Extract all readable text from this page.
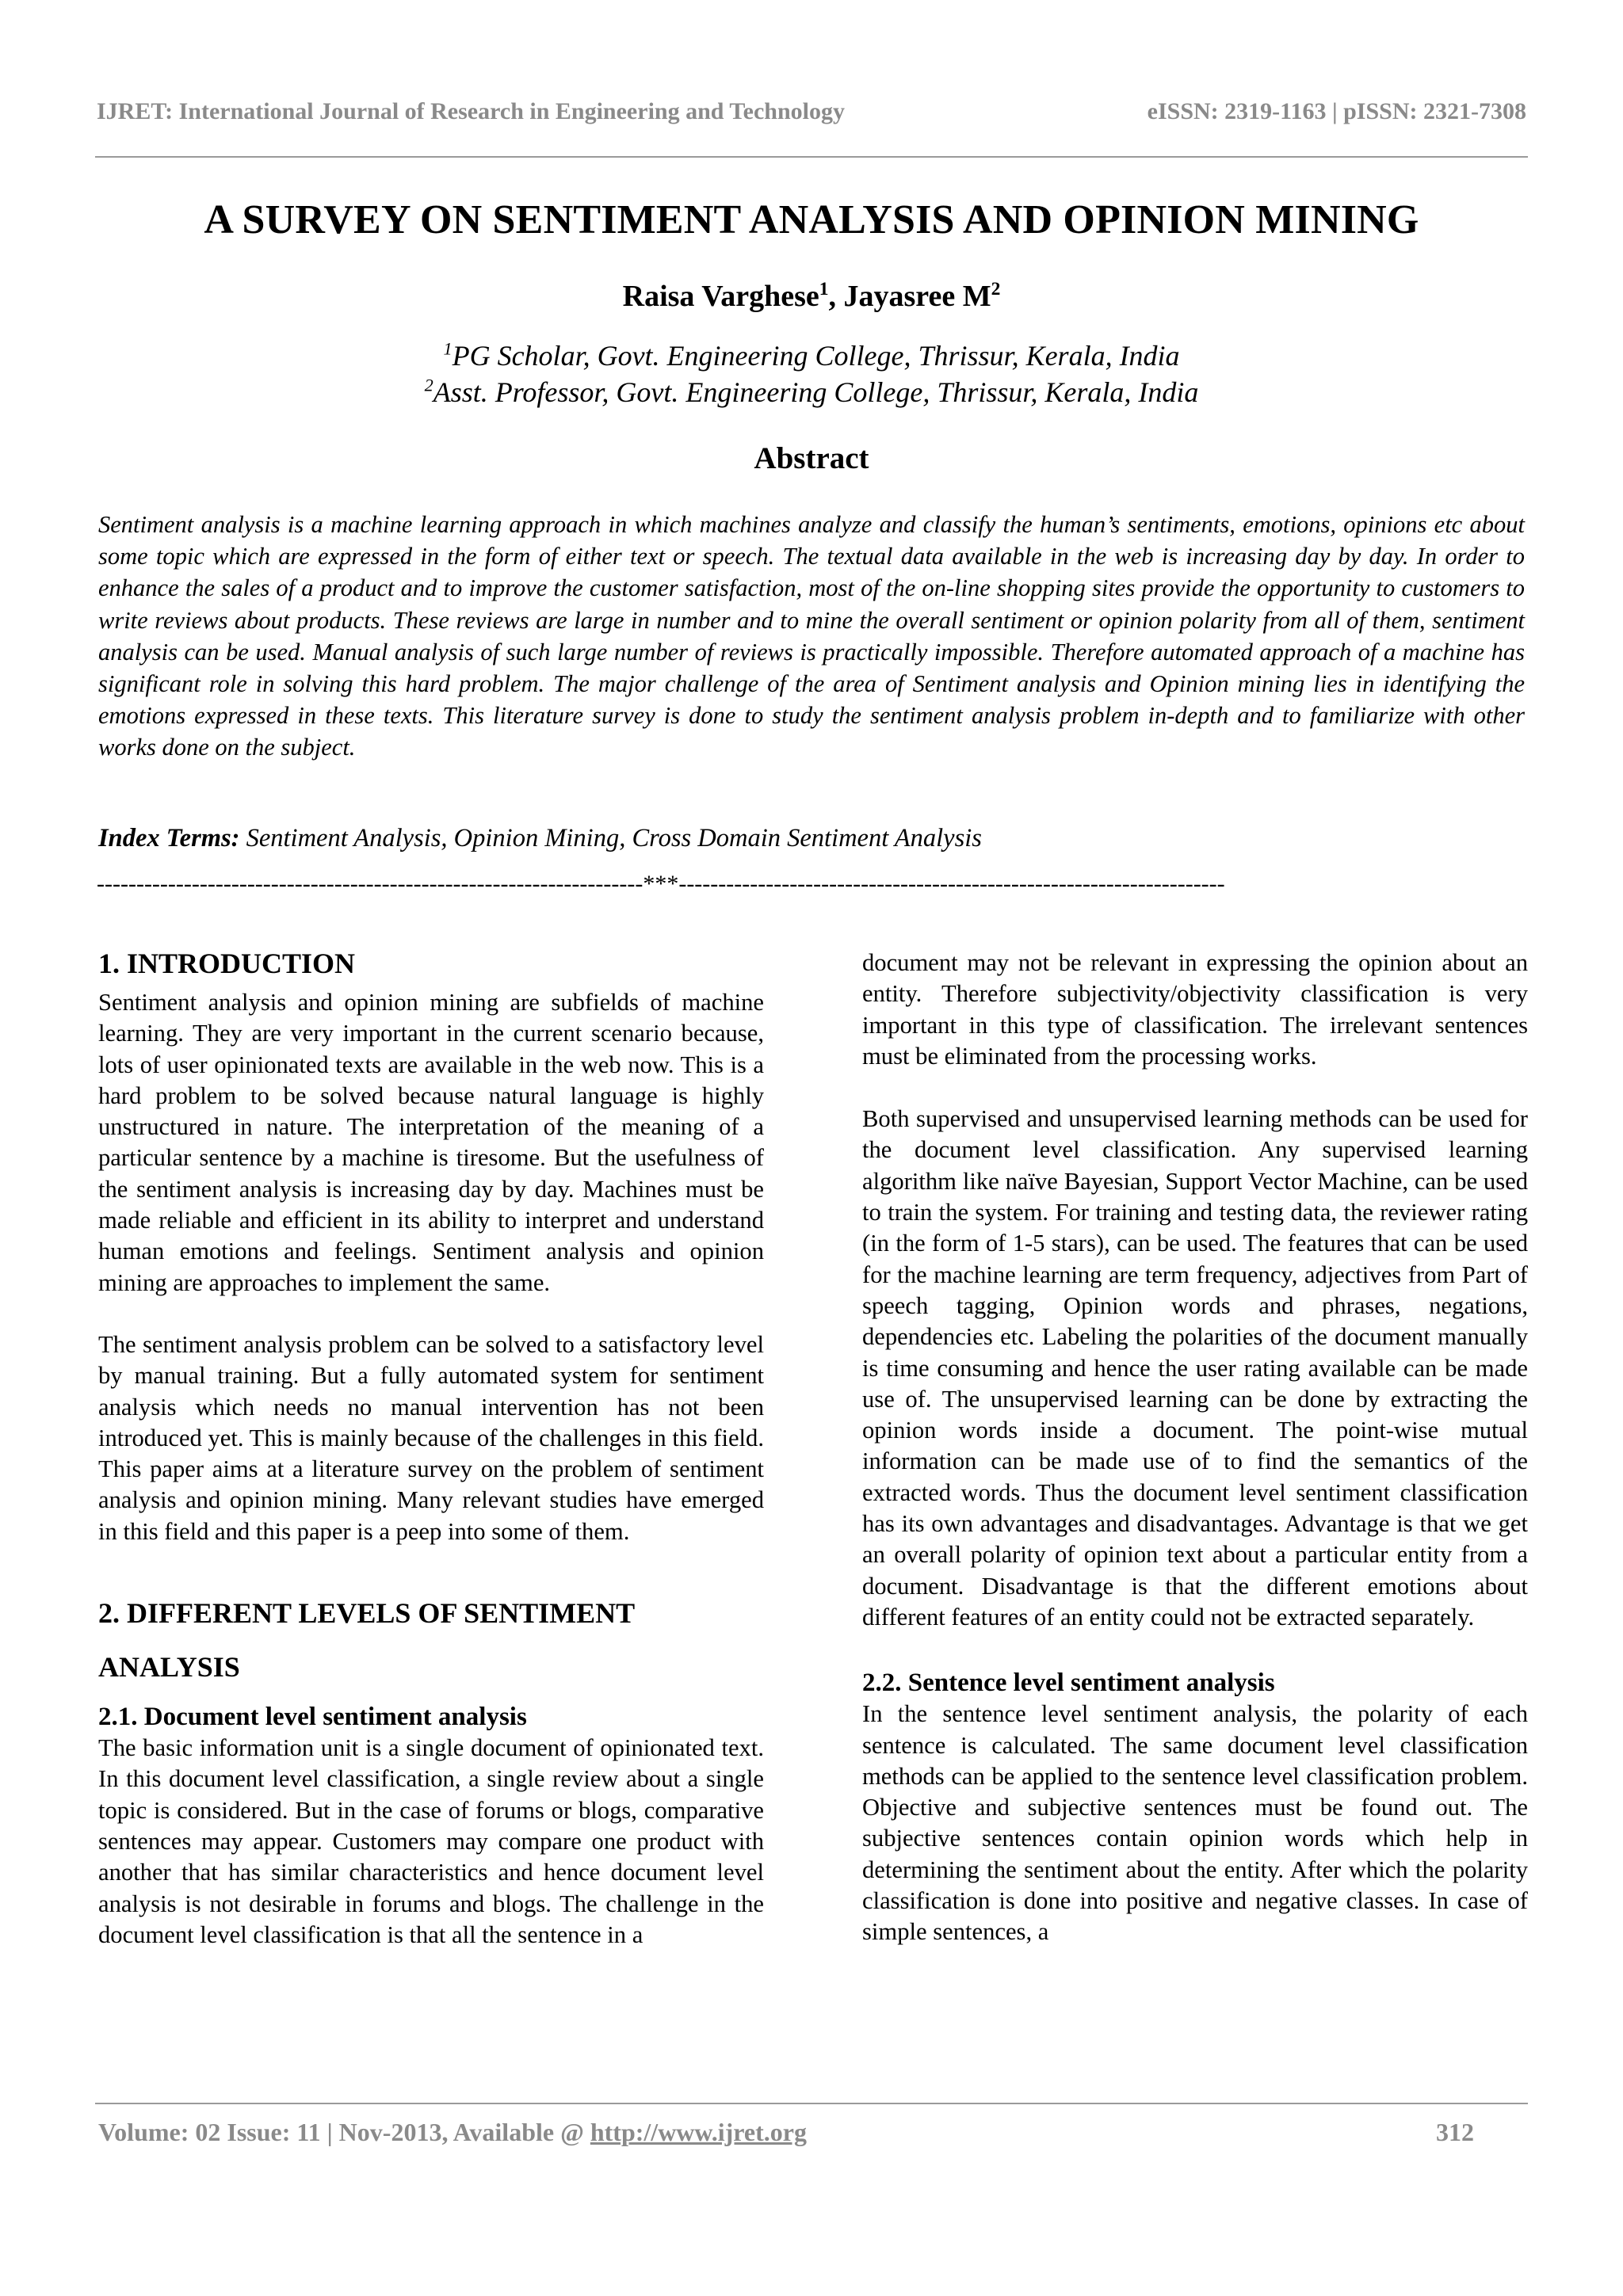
IJRET: International Journal of Research in Engineering and Technology	eISSN: 2319-1163 | pISSN: 2321-7308
A SURVEY ON SENTIMENT ANALYSIS AND OPINION MINING
Raisa Varghese$^1$, Jayasree $M^2$
$^1$PG Scholar, Govt. Engineering College, Thrissur, Kerala, India
$^2$Asst. Professor, Govt. Engineering College, Thrissur, Kerala, India
Abstract

Sentiment analysis is a machine learning approach in which machines analyze and classify the human’s sentiments, emotions, opinions etc about some topic which are expressed in the form of either text or speech. The textual data available in the web is increasing day by day. In order to enhance the sales of a product and to improve the customer satisfaction, most of the on-line shopping sites provide the opportunity to customers to write reviews about products. These reviews are large in number and to mine the overall sentiment or opinion polarity from all of them, sentiment analysis can be used. Manual analysis of such large number of reviews is practically impossible. Therefore automated approach of a machine has significant role in solving this hard problem. The major challenge of the area of Sentiment analysis and Opinion mining lies in identifying the emotions expressed in these texts. This literature survey is done to study the sentiment analysis problem in-depth and to familiarize with other works done on the subject.

Index Terms: Sentiment Analysis, Opinion Mining, Cross Domain Sentiment Analysis
---------------------------------------------------------------------***---------------------------------------------------------------------
1. INTRODUCTION

Sentiment analysis and opinion mining are subfields of machine learning. They are very important in the current scenario because, lots of user opinionated texts are available in the web now. This is a hard problem to be solved because natural language is highly unstructured in nature. The interpretation of the meaning of a particular sentence by a machine is tiresome. But the usefulness of the sentiment analysis is increasing day by day. Machines must be made reliable and efficient in its ability to interpret and understand human emotions and feelings. Sentiment analysis and opinion mining are approaches to implement the same.

The sentiment analysis problem can be solved to a satisfactory level by manual training. But a fully automated system for sentiment analysis which needs no manual intervention has not been introduced yet. This is mainly because of the challenges in this field. This paper aims at a literature survey on the problem of sentiment analysis and opinion mining. Many relevant studies have emerged in this field and this paper is a peep into some of them.

2. DIFFERENT LEVELS OF SENTIMENT
ANALYSIS
2.1. Document level sentiment analysis

The basic information unit is a single document of opinionated text. In this document level classification, a single review about a single topic is considered. But in the case of forums or blogs, comparative sentences may appear. Customers may compare one product with another that has similar characteristics and hence document level analysis is not desirable in forums and blogs. The challenge in the document level classification is that all the sentence in a

document may not be relevant in expressing the opinion about an entity. Therefore subjectivity/objectivity classification is very important in this type of classification. The irrelevant sentences must be eliminated from the processing works.

Both supervised and unsupervised learning methods can be used for the document level classification. Any supervised learning algorithm like naïve Bayesian, Support Vector Machine, can be used to train the system. For training and testing data, the reviewer rating (in the form of 1-5 stars), can be used. The features that can be used for the machine learning are term frequency, adjectives from Part of speech tagging, Opinion words and phrases, negations, dependencies etc. Labeling the polarities of the document manually is time consuming and hence the user rating available can be made use of. The unsupervised learning can be done by extracting the opinion words inside a document. The point-wise mutual information can be made use of to find the semantics of the extracted words. Thus the document level sentiment classification has its own advantages and disadvantages. Advantage is that we get an overall polarity of opinion text about a particular entity from a document. Disadvantage is that the different emotions about different features of an entity could not be extracted separately.

2.2. Sentence level sentiment analysis

In the sentence level sentiment analysis, the polarity of each sentence is calculated. The same document level classification methods can be applied to the sentence level classification problem. Objective and subjective sentences must be found out. The subjective sentences contain opinion words which help in determining the sentiment about the entity. After which the polarity classification is done into positive and negative classes. In case of simple sentences, a

Volume: 02 Issue: 11 | Nov-2013, Available @ http://www.ijret.org	312
